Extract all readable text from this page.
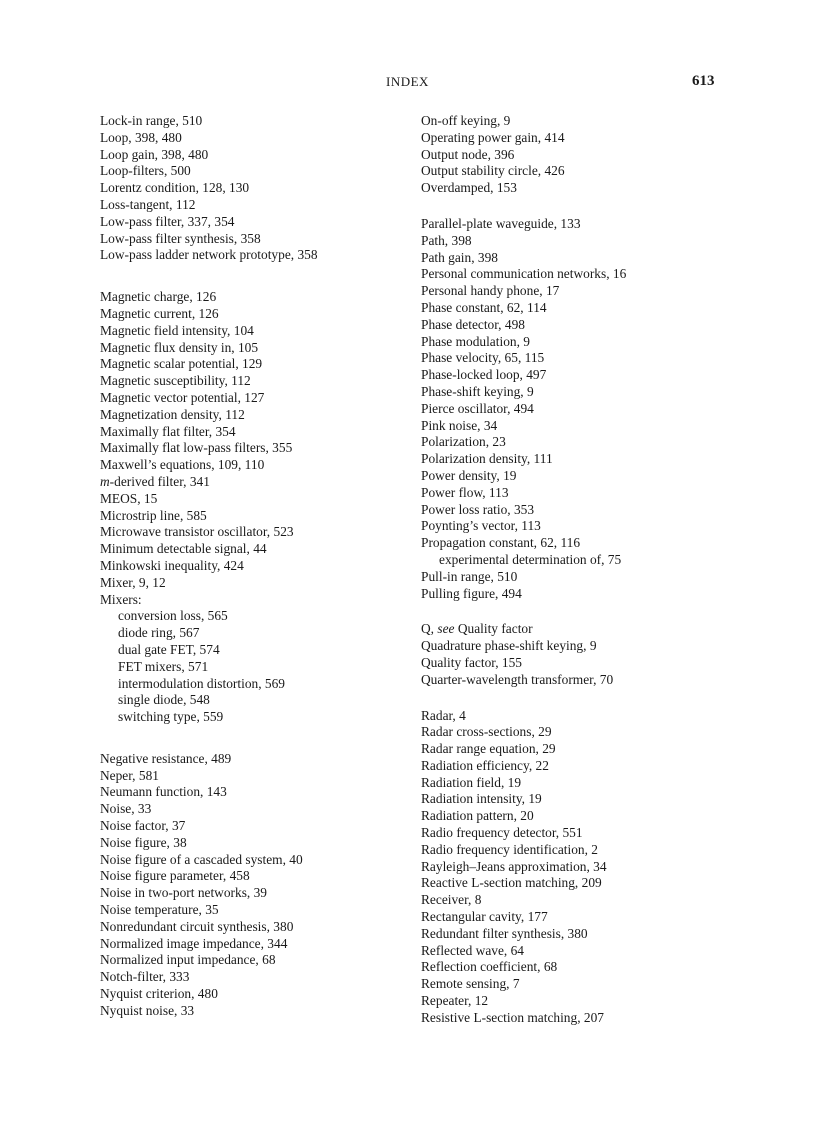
INDEX	613
Lock-in range, 510
Loop, 398, 480
Loop gain, 398, 480
Loop-filters, 500
Lorentz condition, 128, 130
Loss-tangent, 112
Low-pass filter, 337, 354
Low-pass filter synthesis, 358
Low-pass ladder network prototype, 358
Magnetic charge, 126
Magnetic current, 126
Magnetic field intensity, 104
Magnetic flux density in, 105
Magnetic scalar potential, 129
Magnetic susceptibility, 112
Magnetic vector potential, 127
Magnetization density, 112
Maximally flat filter, 354
Maximally flat low-pass filters, 355
Maxwell’s equations, 109, 110
m-derived filter, 341
MEOS, 15
Microstrip line, 585
Microwave transistor oscillator, 523
Minimum detectable signal, 44
Minkowski inequality, 424
Mixer, 9, 12
Mixers:
conversion loss, 565
diode ring, 567
dual gate FET, 574
FET mixers, 571
intermodulation distortion, 569
single diode, 548
switching type, 559
Negative resistance, 489
Neper, 581
Neumann function, 143
Noise, 33
Noise factor, 37
Noise figure, 38
Noise figure of a cascaded system, 40
Noise figure parameter, 458
Noise in two-port networks, 39
Noise temperature, 35
Nonredundant circuit synthesis, 380
Normalized image impedance, 344
Normalized input impedance, 68
Notch-filter, 333
Nyquist criterion, 480
Nyquist noise, 33
On-off keying, 9
Operating power gain, 414
Output node, 396
Output stability circle, 426
Overdamped, 153
Parallel-plate waveguide, 133
Path, 398
Path gain, 398
Personal communication networks, 16
Personal handy phone, 17
Phase constant, 62, 114
Phase detector, 498
Phase modulation, 9
Phase velocity, 65, 115
Phase-locked loop, 497
Phase-shift keying, 9
Pierce oscillator, 494
Pink noise, 34
Polarization, 23
Polarization density, 111
Power density, 19
Power flow, 113
Power loss ratio, 353
Poynting’s vector, 113
Propagation constant, 62, 116
experimental determination of, 75
Pull-in range, 510
Pulling figure, 494
Q, see Quality factor
Quadrature phase-shift keying, 9
Quality factor, 155
Quarter-wavelength transformer, 70
Radar, 4
Radar cross-sections, 29
Radar range equation, 29
Radiation efficiency, 22
Radiation field, 19
Radiation intensity, 19
Radiation pattern, 20
Radio frequency detector, 551
Radio frequency identification, 2
Rayleigh–Jeans approximation, 34
Reactive L-section matching, 209
Receiver, 8
Rectangular cavity, 177
Redundant filter synthesis, 380
Reflected wave, 64
Reflection coefficient, 68
Remote sensing, 7
Repeater, 12
Resistive L-section matching, 207
